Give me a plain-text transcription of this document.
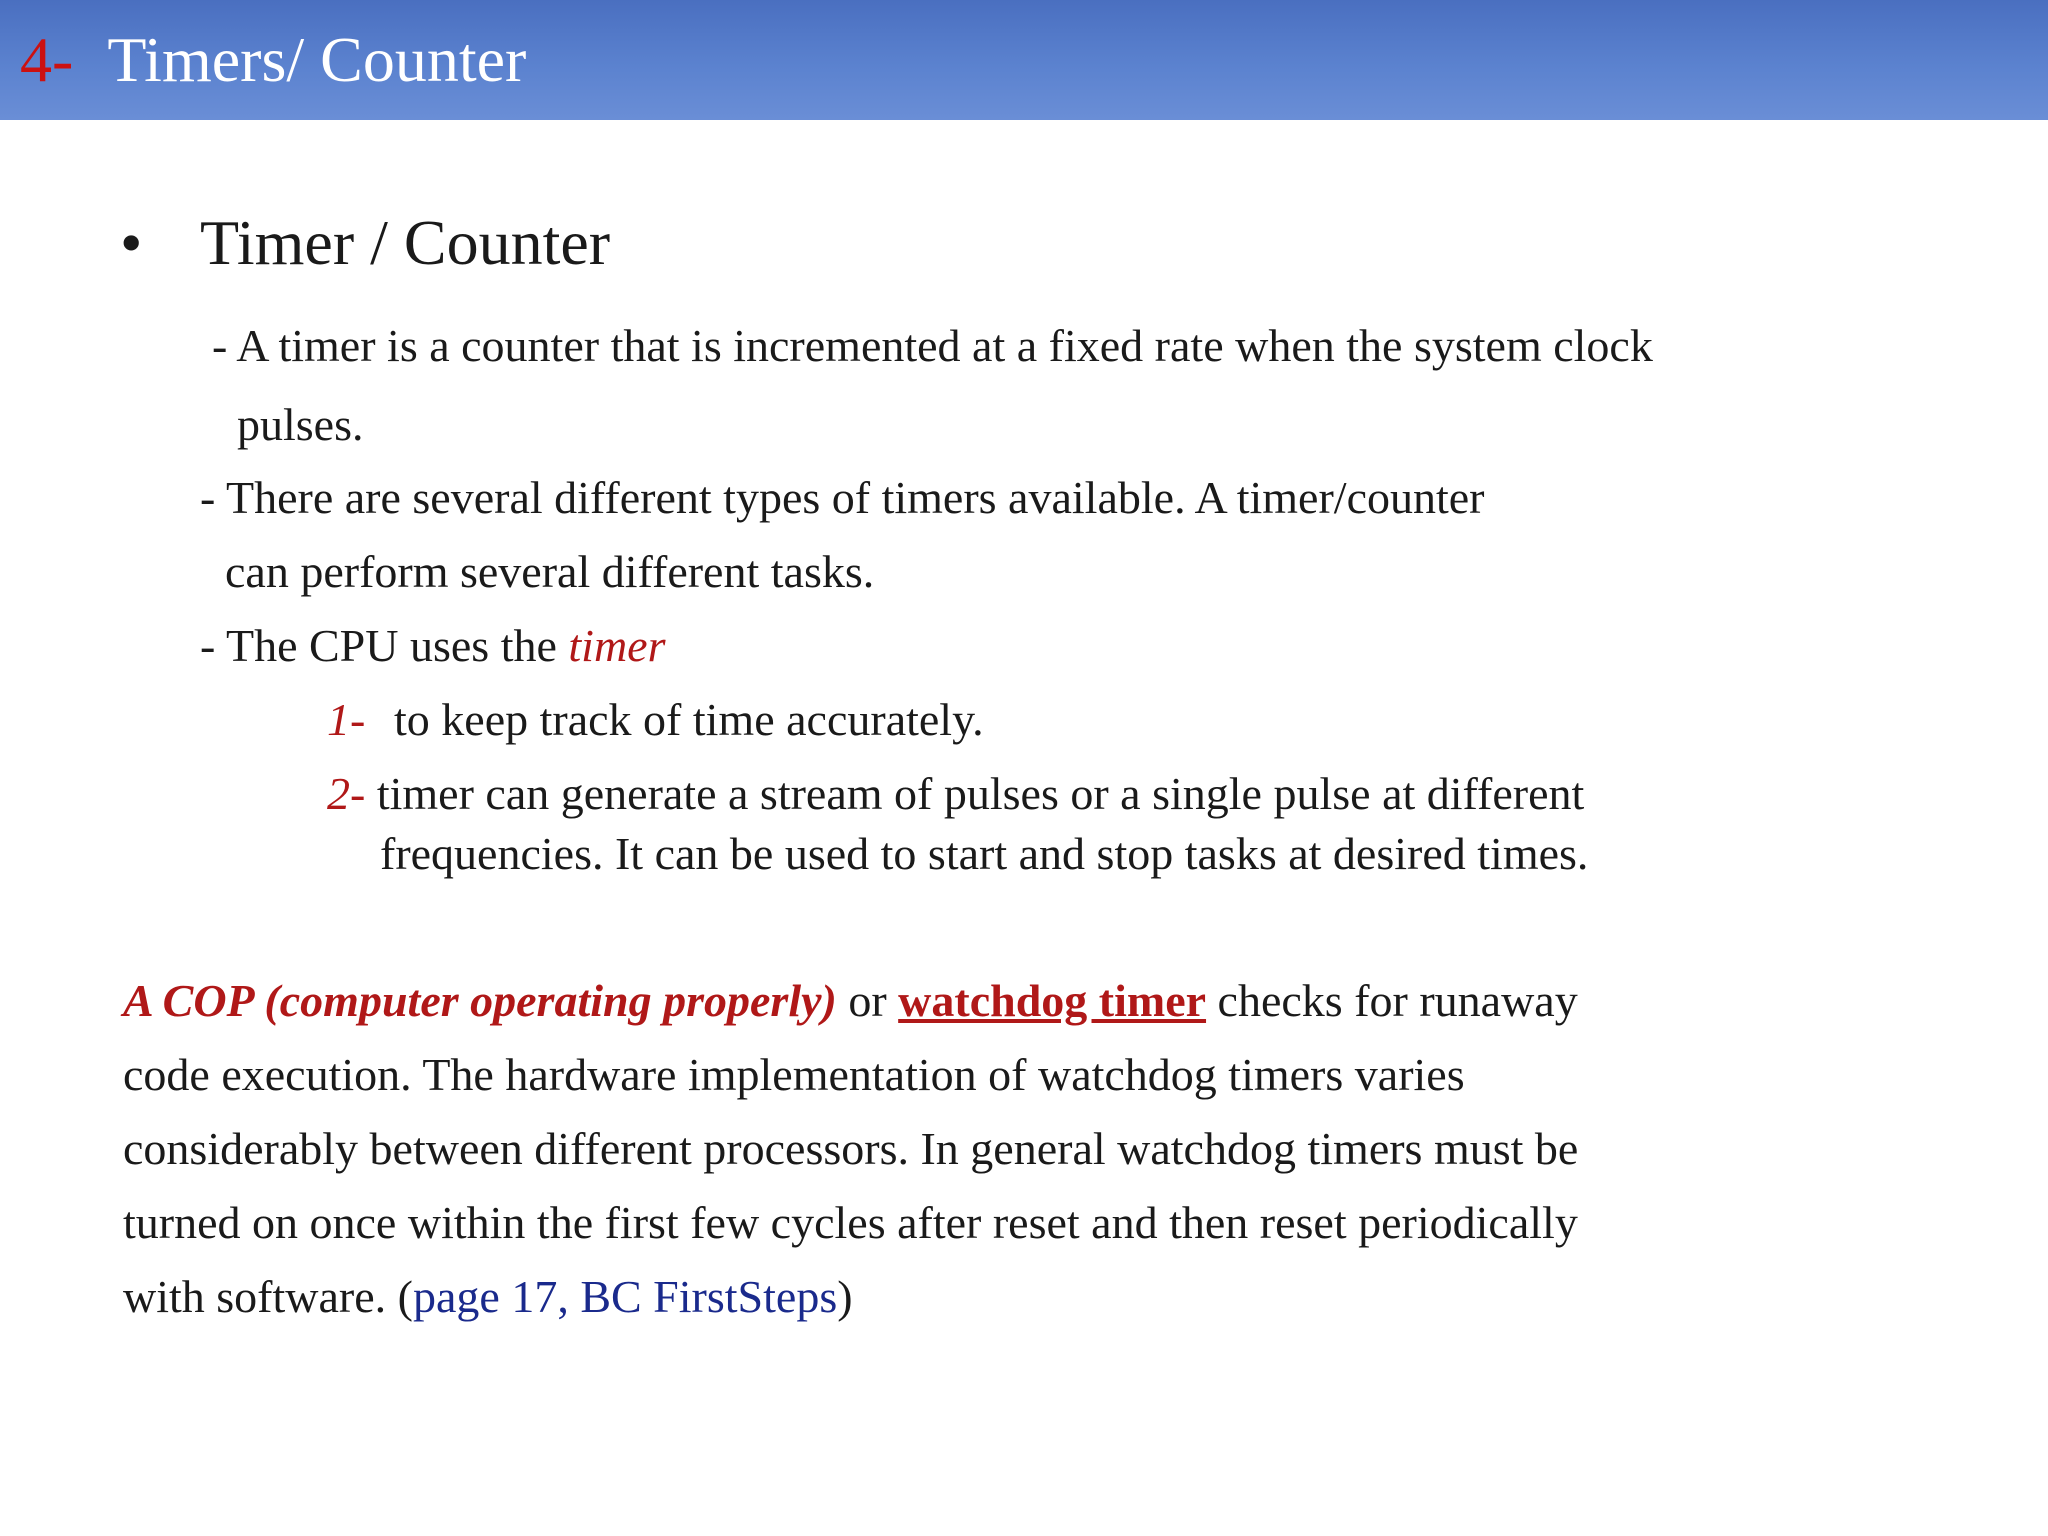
4- Timers/ Counter
• Timer / Counter
- A timer is a counter that is incremented at a fixed rate when the system clock
pulses.
- There are several different types of timers available. A timer/counter
can perform several different tasks.
- The CPU uses the timer
1- to keep track of time accurately.
2- timer can generate a stream of pulses or a single pulse at different
frequencies. It can be used to start and stop tasks at desired times.
A COP (computer operating properly) or watchdog timer checks for runaway
code execution. The hardware implementation of watchdog timers varies
considerably between different processors. In general watchdog timers must be
turned on once within the first few cycles after reset and then reset periodically
with software. (page 17, BC FirstSteps)
